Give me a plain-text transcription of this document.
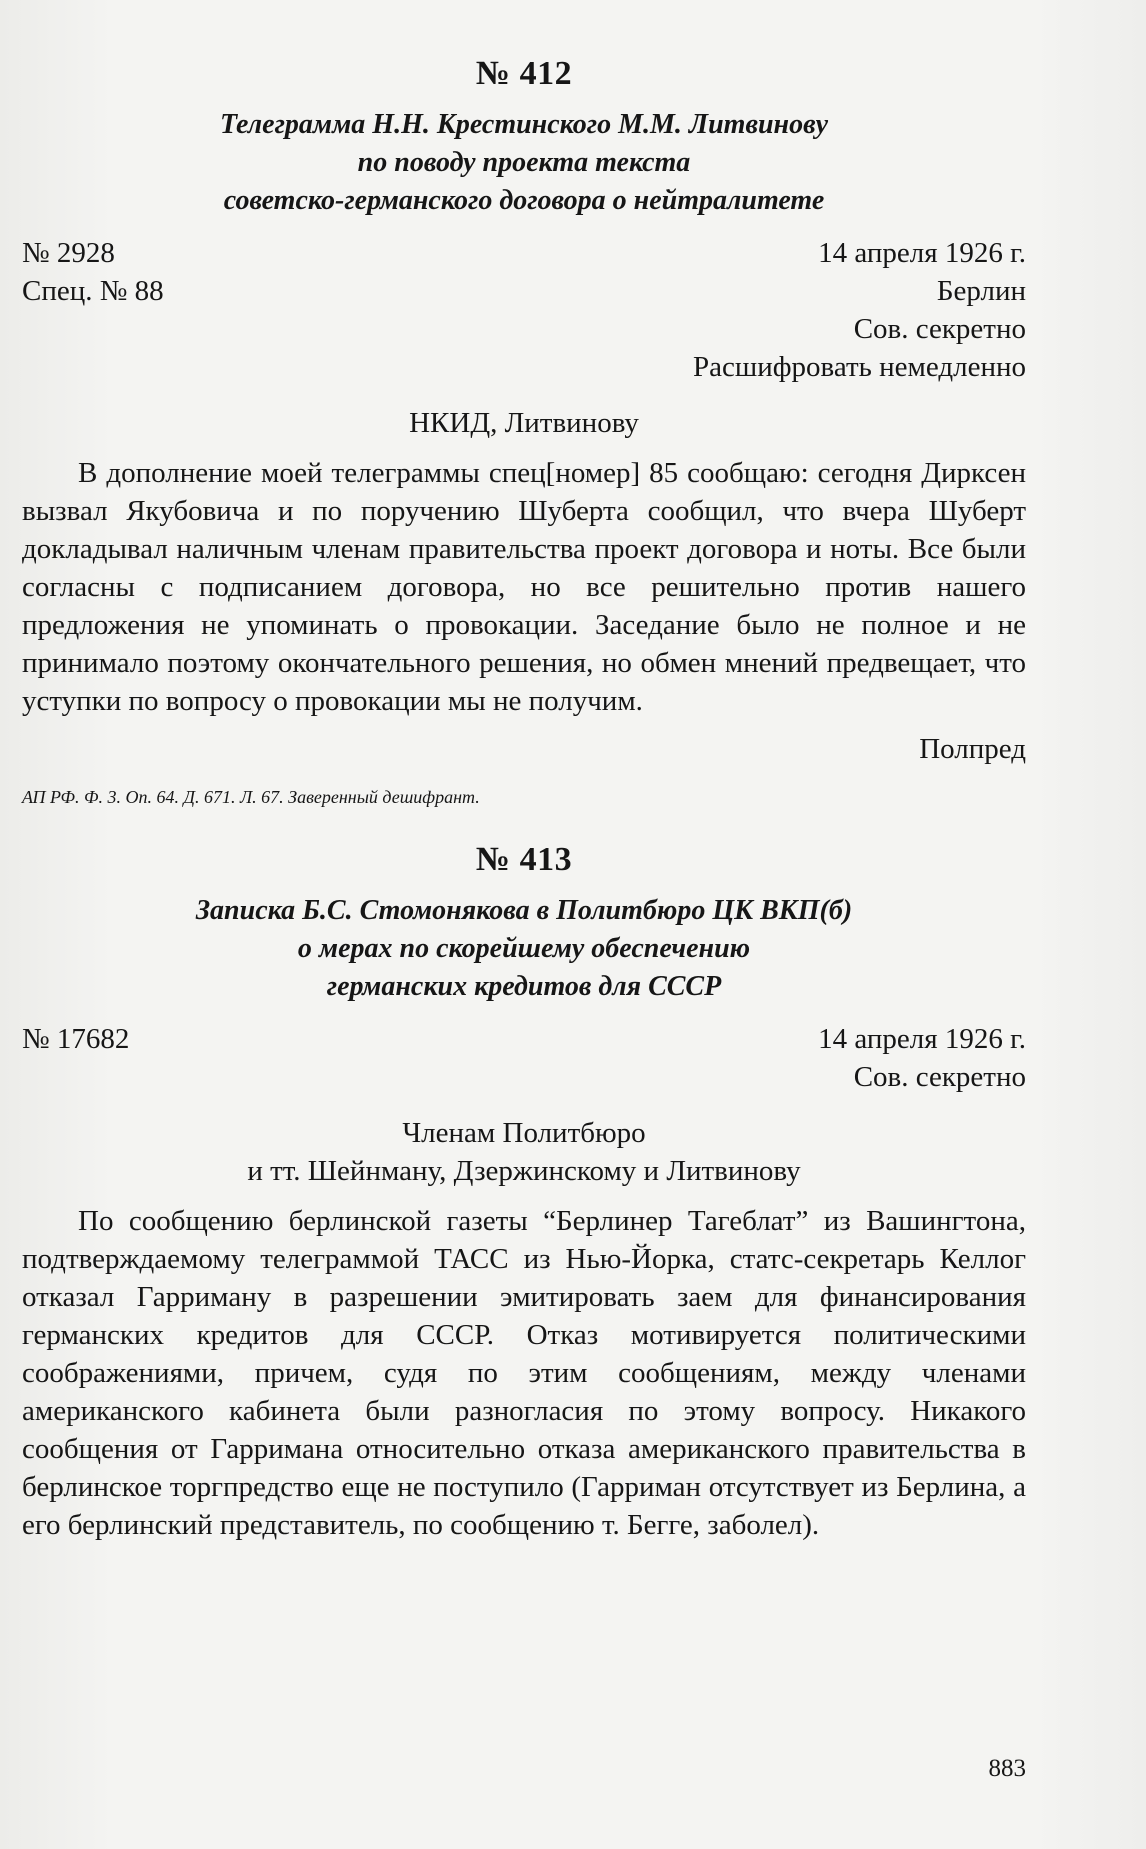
№ 412
Телеграмма Н.Н. Крестинского М.М. Литвинову
по поводу проекта текста
советско-германского договора о нейтралитете
№ 2928	14 апреля 1926 г.
Спец. № 88	Берлин
Сов. секретно
Расшифровать немедленно
НКИД, Литвинову

В дополнение моей телеграммы спец[номер] 85 сообщаю: сегодня Дирксен вызвал Якубовича и по поручению Шуберта сообщил, что вчера Шуберт докладывал наличным членам правительства проект договора и ноты. Все были согласны с подписанием договора, но все решительно против нашего предложения не упоминать о провокации. Заседание было не полное и не принимало поэтому окончательного решения, но обмен мнений предвещает, что уступки по вопросу о провокации мы не получим.

Полпред
АП РФ. Ф. 3. Оп. 64. Д. 671. Л. 67. Заверенный дешифрант.
№ 413
Записка Б.С. Стомонякова в Политбюро ЦК ВКП(б)
о мерах по скорейшему обеспечению
германских кредитов для СССР
№ 17682	14 апреля 1926 г.
Сов. секретно
Членам Политбюро
и тт. Шейнману, Дзержинскому и Литвинову

По сообщению берлинской газеты “Берлинер Тагеблат” из Вашингтона, подтверждаемому телеграммой ТАСС из Нью-Йорка, статс-секретарь Келлог отказал Гарриману в разрешении эмитировать заем для финансирования германских кредитов для СССР. Отказ мотивируется политическими соображениями, причем, судя по этим сообщениям, между членами американского кабинета были разногласия по этому вопросу. Никакого сообщения от Гарримана относительно отказа американского правительства в берлинское торгпредство еще не поступило (Гарриман отсутствует из Берлина, а его берлинский представитель, по сообщению т. Бегге, заболел).

883
